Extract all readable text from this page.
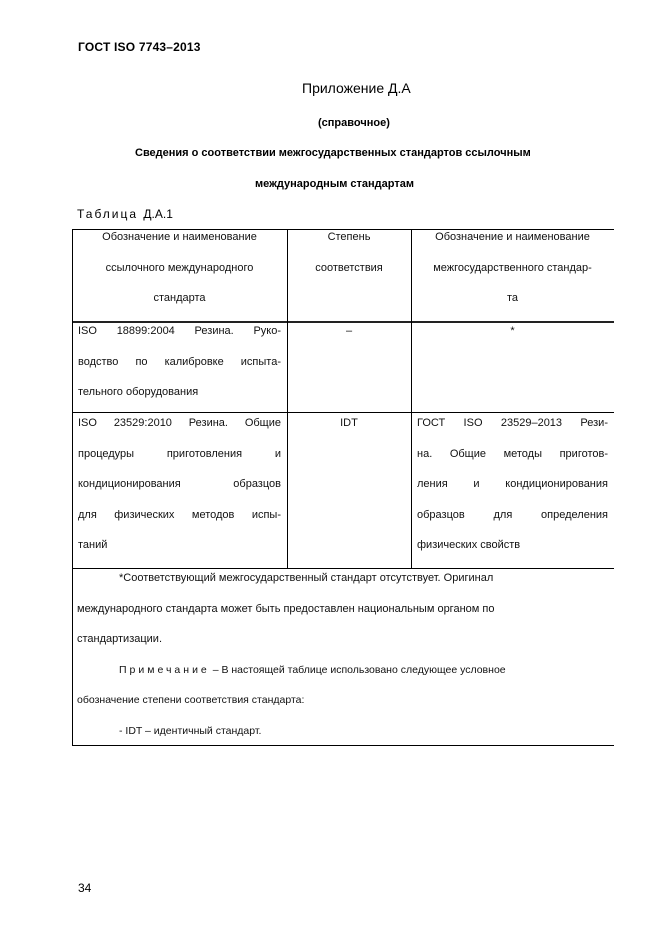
ГОСТ ISO 7743–2013
Приложение Д.А
(справочное)
Сведения о соответствии межгосударственных стандартов ссылочным
международным стандартам
Таблица Д.А.1
Обозначение и наименование
ссылочного международного
стандарта
Степень
соответствия
Обозначение и наименование
межгосударственного стандар-
та
ISO 18899:2004 Резина. Руко-
водство по калибровке испыта-
тельного оборудования
–	*
ISO 23529:2010 Резина. Общие
процедуры приготовления и
кондиционирования образцов
для физических методов испы-
таний
IDT	ГОСТ ISO 23529–2013 Рези-
на. Общие методы приготов-
ления и кондиционирования
образцов для определения
физических свойств
*Соответствующий межгосударственный стандарт отсутствует. Оригинал
международного стандарта может быть предоставлен национальным органом по
стандартизации.
Примечание – В настоящей таблице использовано следующее условное
обозначение степени соответствия стандарта:
- IDT – идентичный стандарт.
34
